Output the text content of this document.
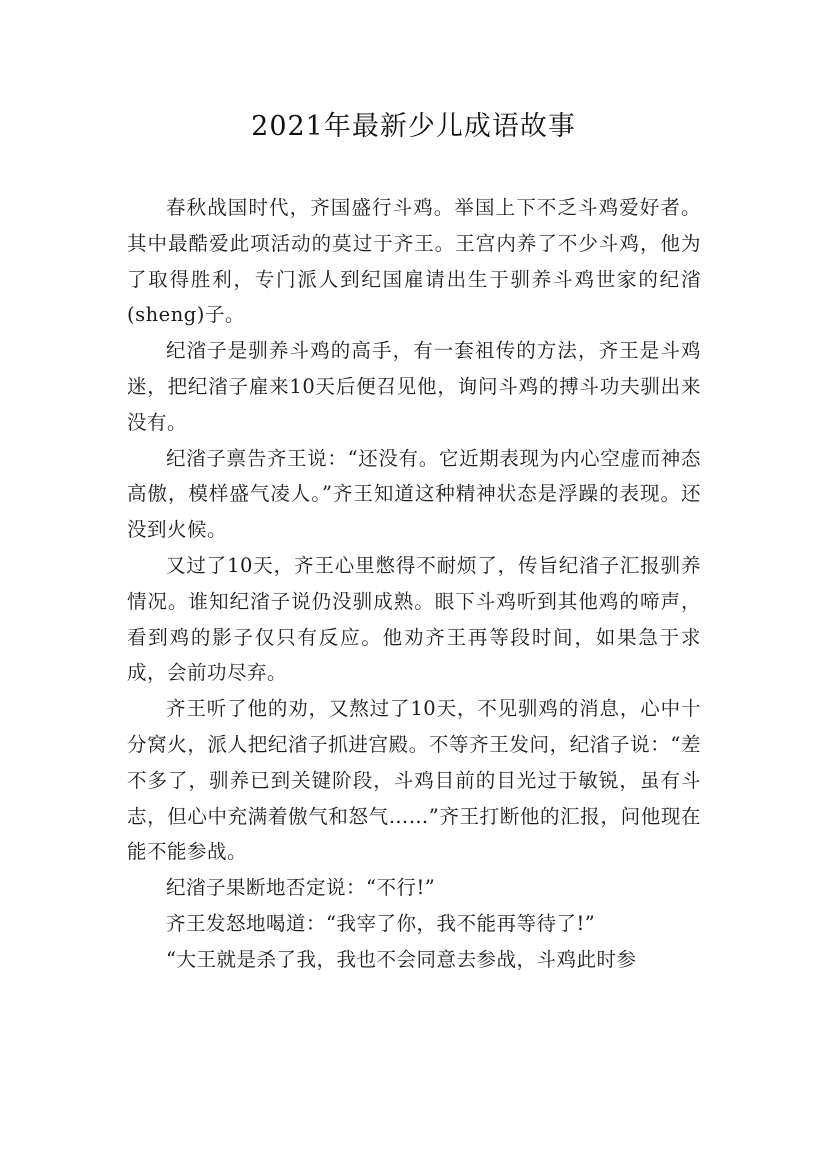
2021年最新少儿成语故事

春秋战国时代，齐国盛行斗鸡。举国上下不乏斗鸡爱好者。其中最酷爱此项活动的莫过于齐王。王宫内养了不少斗鸡，他为了取得胜利，专门派人到纪国雇请出生于驯养斗鸡世家的纪渻(sheng)子。

纪渻子是驯养斗鸡的高手，有一套祖传的方法，齐王是斗鸡迷，把纪渻子雇来10天后便召见他，询问斗鸡的搏斗功夫驯出来没有。

纪渻子禀告齐王说：“还没有。它近期表现为内心空虚而神态高傲，模样盛气凌人。”齐王知道这种精神状态是浮躁的表现。还没到火候。

又过了10天，齐王心里憋得不耐烦了，传旨纪渻子汇报驯养情况。谁知纪渻子说仍没驯成熟。眼下斗鸡听到其他鸡的啼声，看到鸡的影子仅只有反应。他劝齐王再等段时间，如果急于求成，会前功尽弃。

齐王听了他的劝，又熬过了10天，不见驯鸡的消息，心中十分窝火，派人把纪渻子抓进宫殿。不等齐王发问，纪渻子说：“差不多了，驯养已到关键阶段，斗鸡目前的目光过于敏锐，虽有斗志，但心中充满着傲气和怒气……”齐王打断他的汇报，问他现在能不能参战。

纪渻子果断地否定说：“不行!”

齐王发怒地喝道：“我宰了你，我不能再等待了!”

“大王就是杀了我，我也不会同意去参战，斗鸡此时参
